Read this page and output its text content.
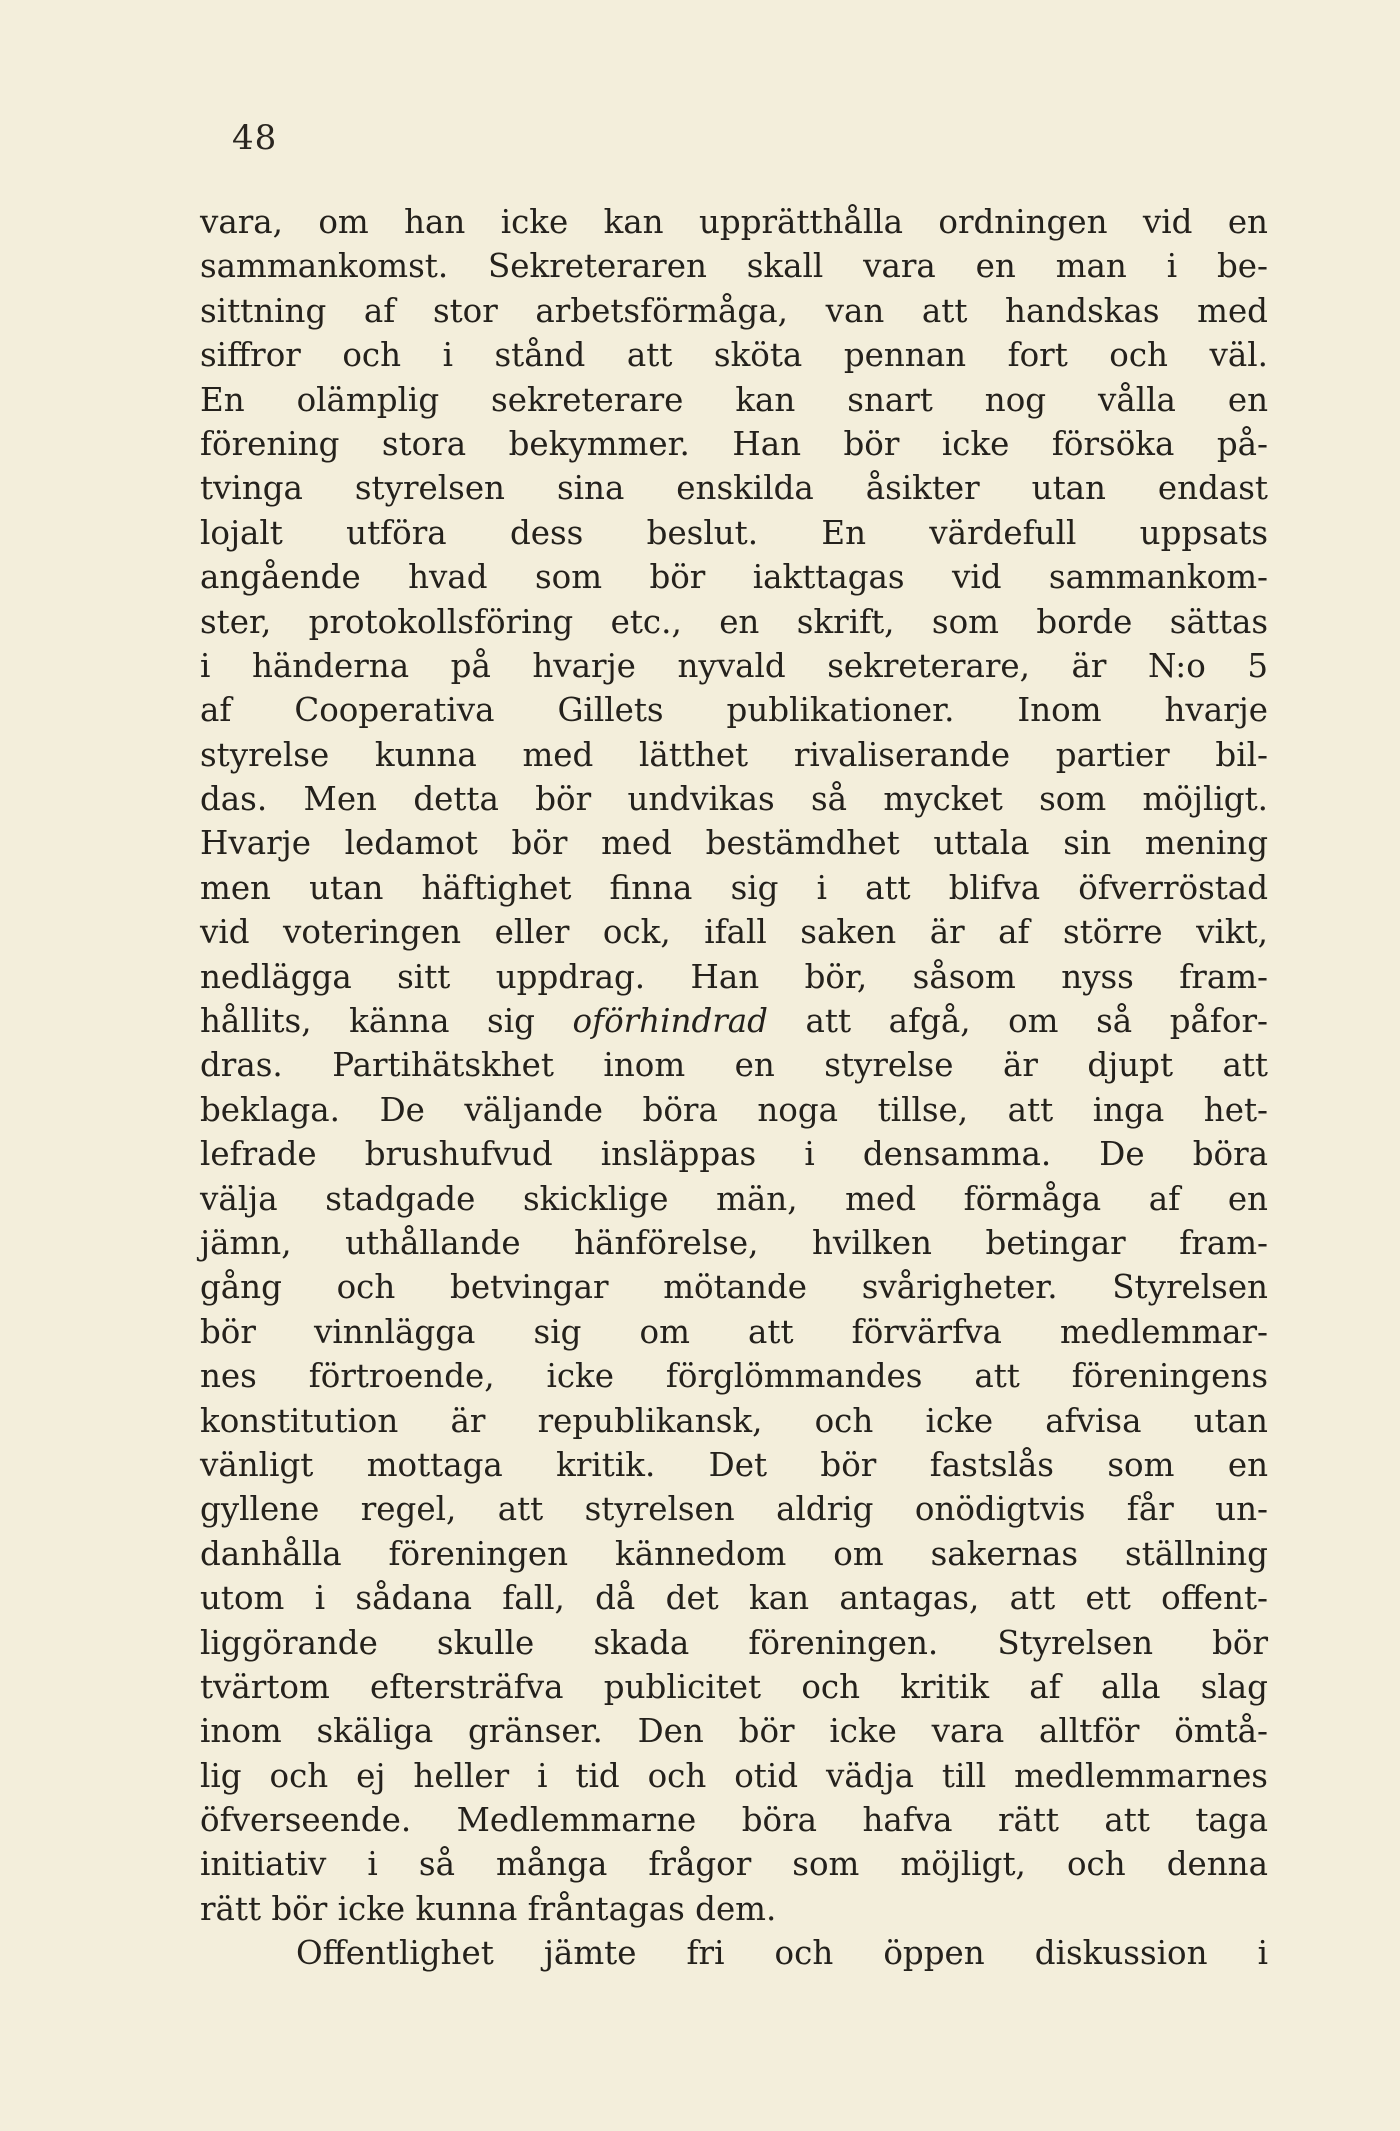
48
vara, om han icke kan upprätthålla ordningen vid en
sammankomst. Sekreteraren skall vara en man i be-
sittning af stor arbetsförmåga, van att handskas med
siffror och i stånd att sköta pennan fort och väl.
En olämplig sekreterare kan snart nog vålla en
förening stora bekymmer. Han bör icke försöka på-
tvinga styrelsen sina enskilda åsikter utan endast
lojalt utföra dess beslut. En värdefull uppsats
angående hvad som bör iakttagas vid sammankom-
ster, protokollsföring etc., en skrift, som borde sättas
i händerna på hvarje nyvald sekreterare, är N:o 5
af Cooperativa Gillets publikationer. Inom hvarje
styrelse kunna med lätthet rivaliserande partier bil-
das. Men detta bör undvikas så mycket som möjligt.
Hvarje ledamot bör med bestämdhet uttala sin mening
men utan häftighet finna sig i att blifva öfverröstad
vid voteringen eller ock, ifall saken är af större vikt,
nedlägga sitt uppdrag. Han bör, såsom nyss fram-
hållits, känna sig oförhindrad att afgå, om så påfor-
dras. Partihätskhet inom en styrelse är djupt att
beklaga. De väljande böra noga tillse, att inga het-
lefrade brushufvud insläppas i densamma. De böra
välja stadgade skicklige män, med förmåga af en
jämn, uthållande hänförelse, hvilken betingar fram-
gång och betvingar mötande svårigheter. Styrelsen
bör vinnlägga sig om att förvärfva medlemmar-
nes förtroende, icke förglömmandes att föreningens
konstitution är republikansk, och icke afvisa utan
vänligt mottaga kritik. Det bör fastslås som en
gyllene regel, att styrelsen aldrig onödigtvis får un-
danhålla föreningen kännedom om sakernas ställning
utom i sådana fall, då det kan antagas, att ett offent-
liggörande skulle skada föreningen. Styrelsen bör
tvärtom eftersträfva publicitet och kritik af alla slag
inom skäliga gränser. Den bör icke vara alltför ömtå-
lig och ej heller i tid och otid vädja till medlemmarnes
öfverseende. Medlemmarne böra hafva rätt att taga
initiativ i så många frågor som möjligt, och denna
rätt bör icke kunna fråntagas dem.
Offentlighet jämte fri och öppen diskussion i
